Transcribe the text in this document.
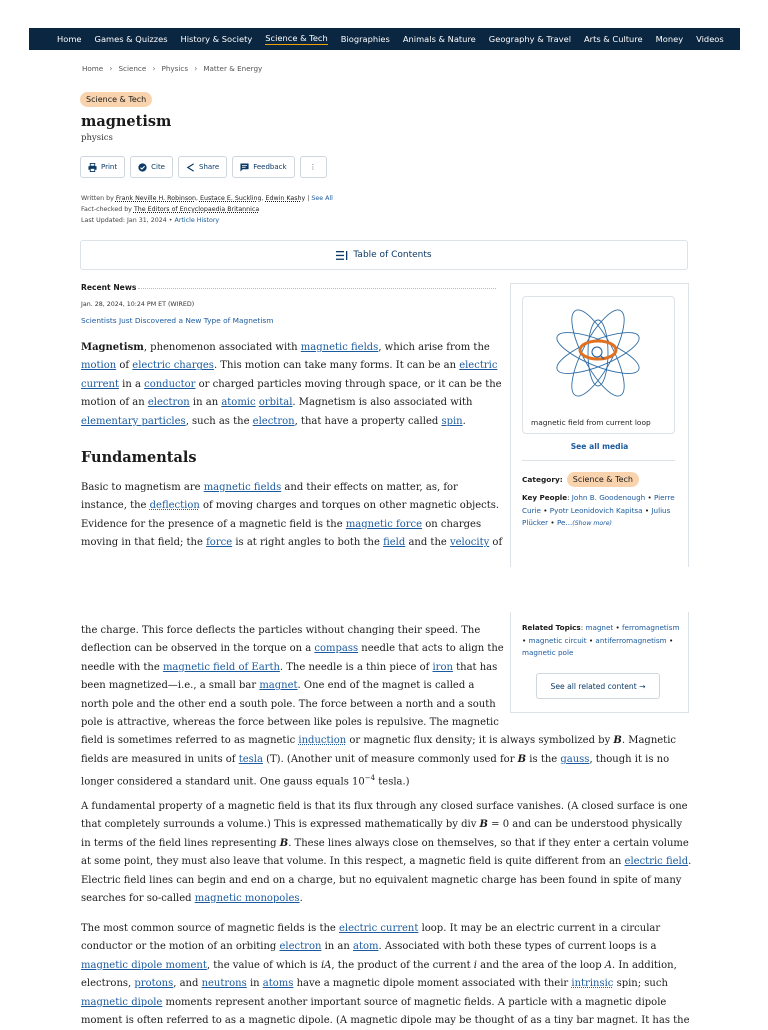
Home Games & Quizzes History & Society Science & Tech Biographies Animals & Nature Geography & Travel Arts & Culture Money Videos
Home › Science › Physics › Matter & Energy
Science & Tech
magnetism
physics
Print	Cite	Share	Feedback	⋮
Written by Frank Neville H. Robinson, Eustace E. Suckling, Edwin Kashy | See All
Fact-checked by The Editors of Encyclopaedia Britannica
Last Updated: Jan 31, 2024 • Article History
Table of Contents
Recent News
Jan. 28, 2024, 10:24 PM ET (WIRED)
Scientists Just Discovered a New Type of Magnetism

Magnetism, phenomenon associated with magnetic fields, which arise from the

motion of electric charges. This motion can take many forms. It can be an electric

current in a conductor or charged particles moving through space, or it can be the

motion of an electron in an atomic orbital. Magnetism is also associated with

elementary particles, such as the electron, that have a property called spin.

Fundamentals

Basic to magnetism are magnetic fields and their effects on matter, as, for

instance, the deflection of moving charges and torques on other magnetic objects.

Evidence for the presence of a magnetic field is the magnetic force on charges

moving in that field; the force is at right angles to both the field and the velocity of

the charge. This force deflects the particles without changing their speed. The

deflection can be observed in the torque on a compass needle that acts to align the

needle with the magnetic field of Earth. The needle is a thin piece of iron that has

been magnetized—i.e., a small bar magnet. One end of the magnet is called a

north pole and the other end a south pole. The force between a north and a south

pole is attractive, whereas the force between like poles is repulsive. The magnetic

field is sometimes referred to as magnetic induction or magnetic flux density; it is always symbolized by B. Magnetic

fields are measured in units of tesla (T). (Another unit of measure commonly used for B is the gauss, though it is no

longer considered a standard unit. One gauss equals $10^{-4}$ tesla.)

A fundamental property of a magnetic field is that its flux through any closed surface vanishes. (A closed surface is one

that completely surrounds a volume.) This is expressed mathematically by div B = 0 and can be understood physically

in terms of the field lines representing B. These lines always close on themselves, so that if they enter a certain volume

at some point, they must also leave that volume. In this respect, a magnetic field is quite different from an electric field.

Electric field lines can begin and end on a charge, but no equivalent magnetic charge has been found in spite of many

searches for so-called magnetic monopoles.

The most common source of magnetic fields is the electric current loop. It may be an electric current in a circular

conductor or the motion of an orbiting electron in an atom. Associated with both these types of current loops is a

magnetic dipole moment, the value of which is iA, the product of the current i and the area of the loop A. In addition,

electrons, protons, and neutrons in atoms have a magnetic dipole moment associated with their intrinsic spin; such

magnetic dipole moments represent another important source of magnetic fields. A particle with a magnetic dipole

moment is often referred to as a magnetic dipole. (A magnetic dipole may be thought of as a tiny bar magnet. It has the

magnetic field from current loop
See all media
Category:	Science & Tech
Key People: John B. Goodenough • Pierre Curie • Pyotr Leonidovich Kapitsa • Julius Plücker • Pe...(Show more)
Related Topics: magnet • ferromagnetism • magnetic circuit • antiferromagnetism • magnetic pole
See all related content →
